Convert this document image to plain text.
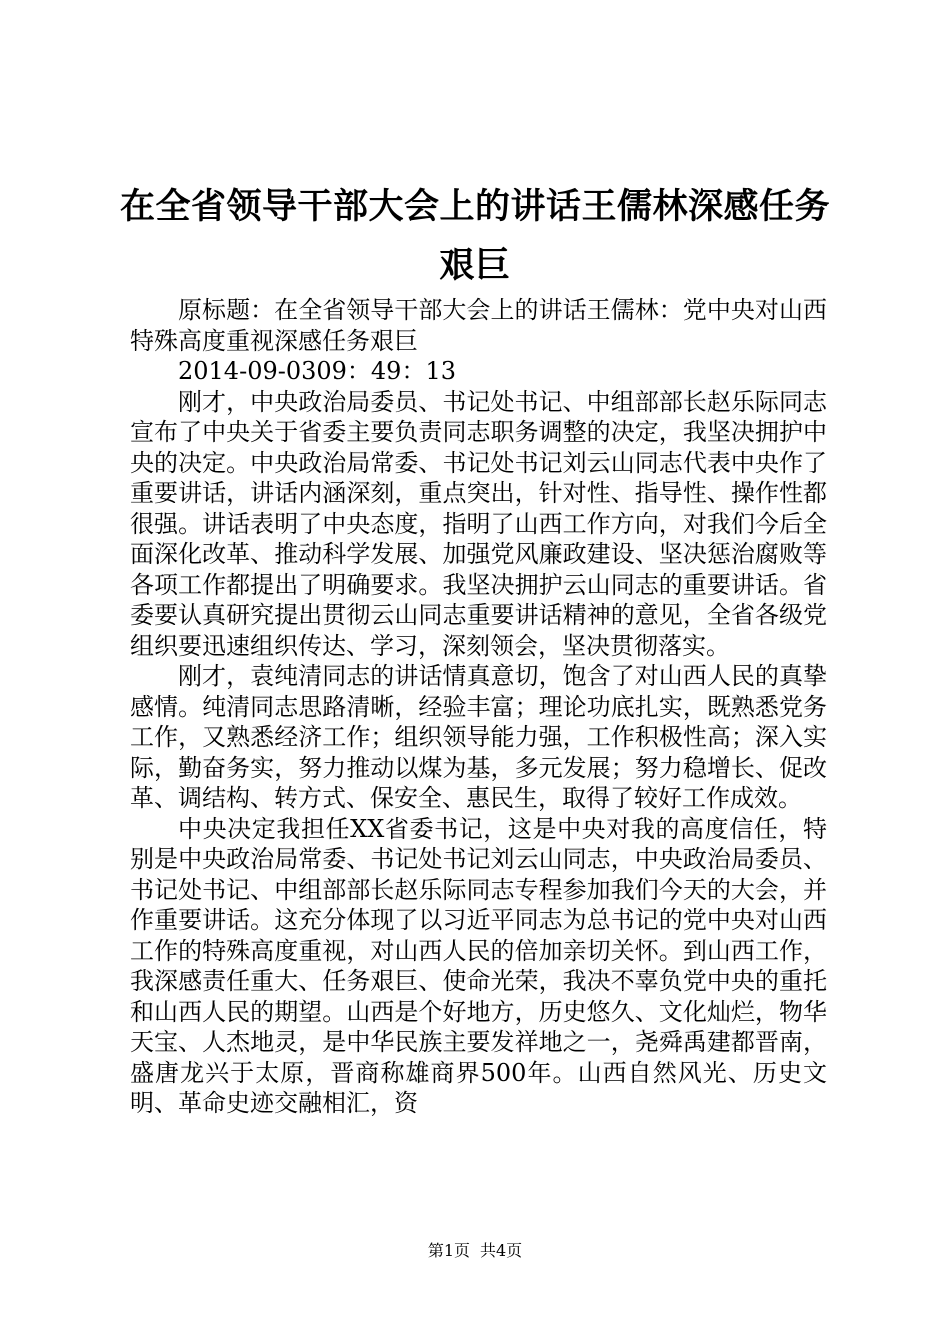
在全省领导干部大会上的讲话王儒林深感任务艰巨

原标题：在全省领导干部大会上的讲话王儒林：党中央对山西特殊高度重视深感任务艰巨

2014-09-0309：49：13

刚才，中央政治局委员、书记处书记、中组部部长赵乐际同志宣布了中央关于省委主要负责同志职务调整的决定，我坚决拥护中央的决定。中央政治局常委、书记处书记刘云山同志代表中央作了重要讲话，讲话内涵深刻，重点突出，针对性、指导性、操作性都很强。讲话表明了中央态度，指明了山西工作方向，对我们今后全面深化改革、推动科学发展、加强党风廉政建设、坚决惩治腐败等各项工作都提出了明确要求。我坚决拥护云山同志的重要讲话。省委要认真研究提出贯彻云山同志重要讲话精神的意见，全省各级党组织要迅速组织传达、学习，深刻领会，坚决贯彻落实。

刚才，袁纯清同志的讲话情真意切，饱含了对山西人民的真挚感情。纯清同志思路清晰，经验丰富；理论功底扎实，既熟悉党务工作，又熟悉经济工作；组织领导能力强，工作积极性高；深入实际，勤奋务实，努力推动以煤为基，多元发展；努力稳增长、促改革、调结构、转方式、保安全、惠民生，取得了较好工作成效。

中央决定我担任XX省委书记，这是中央对我的高度信任，特别是中央政治局常委、书记处书记刘云山同志，中央政治局委员、书记处书记、中组部部长赵乐际同志专程参加我们今天的大会，并作重要讲话。这充分体现了以习近平同志为总书记的党中央对山西工作的特殊高度重视，对山西人民的倍加亲切关怀。到山西工作，我深感责任重大、任务艰巨、使命光荣，我决不辜负党中央的重托和山西人民的期望。山西是个好地方，历史悠久、文化灿烂，物华天宝、人杰地灵，是中华民族主要发祥地之一，尧舜禹建都晋南，盛唐龙兴于太原，晋商称雄商界500年。山西自然风光、历史文明、革命史迹交融相汇，资

第1页 共4页
